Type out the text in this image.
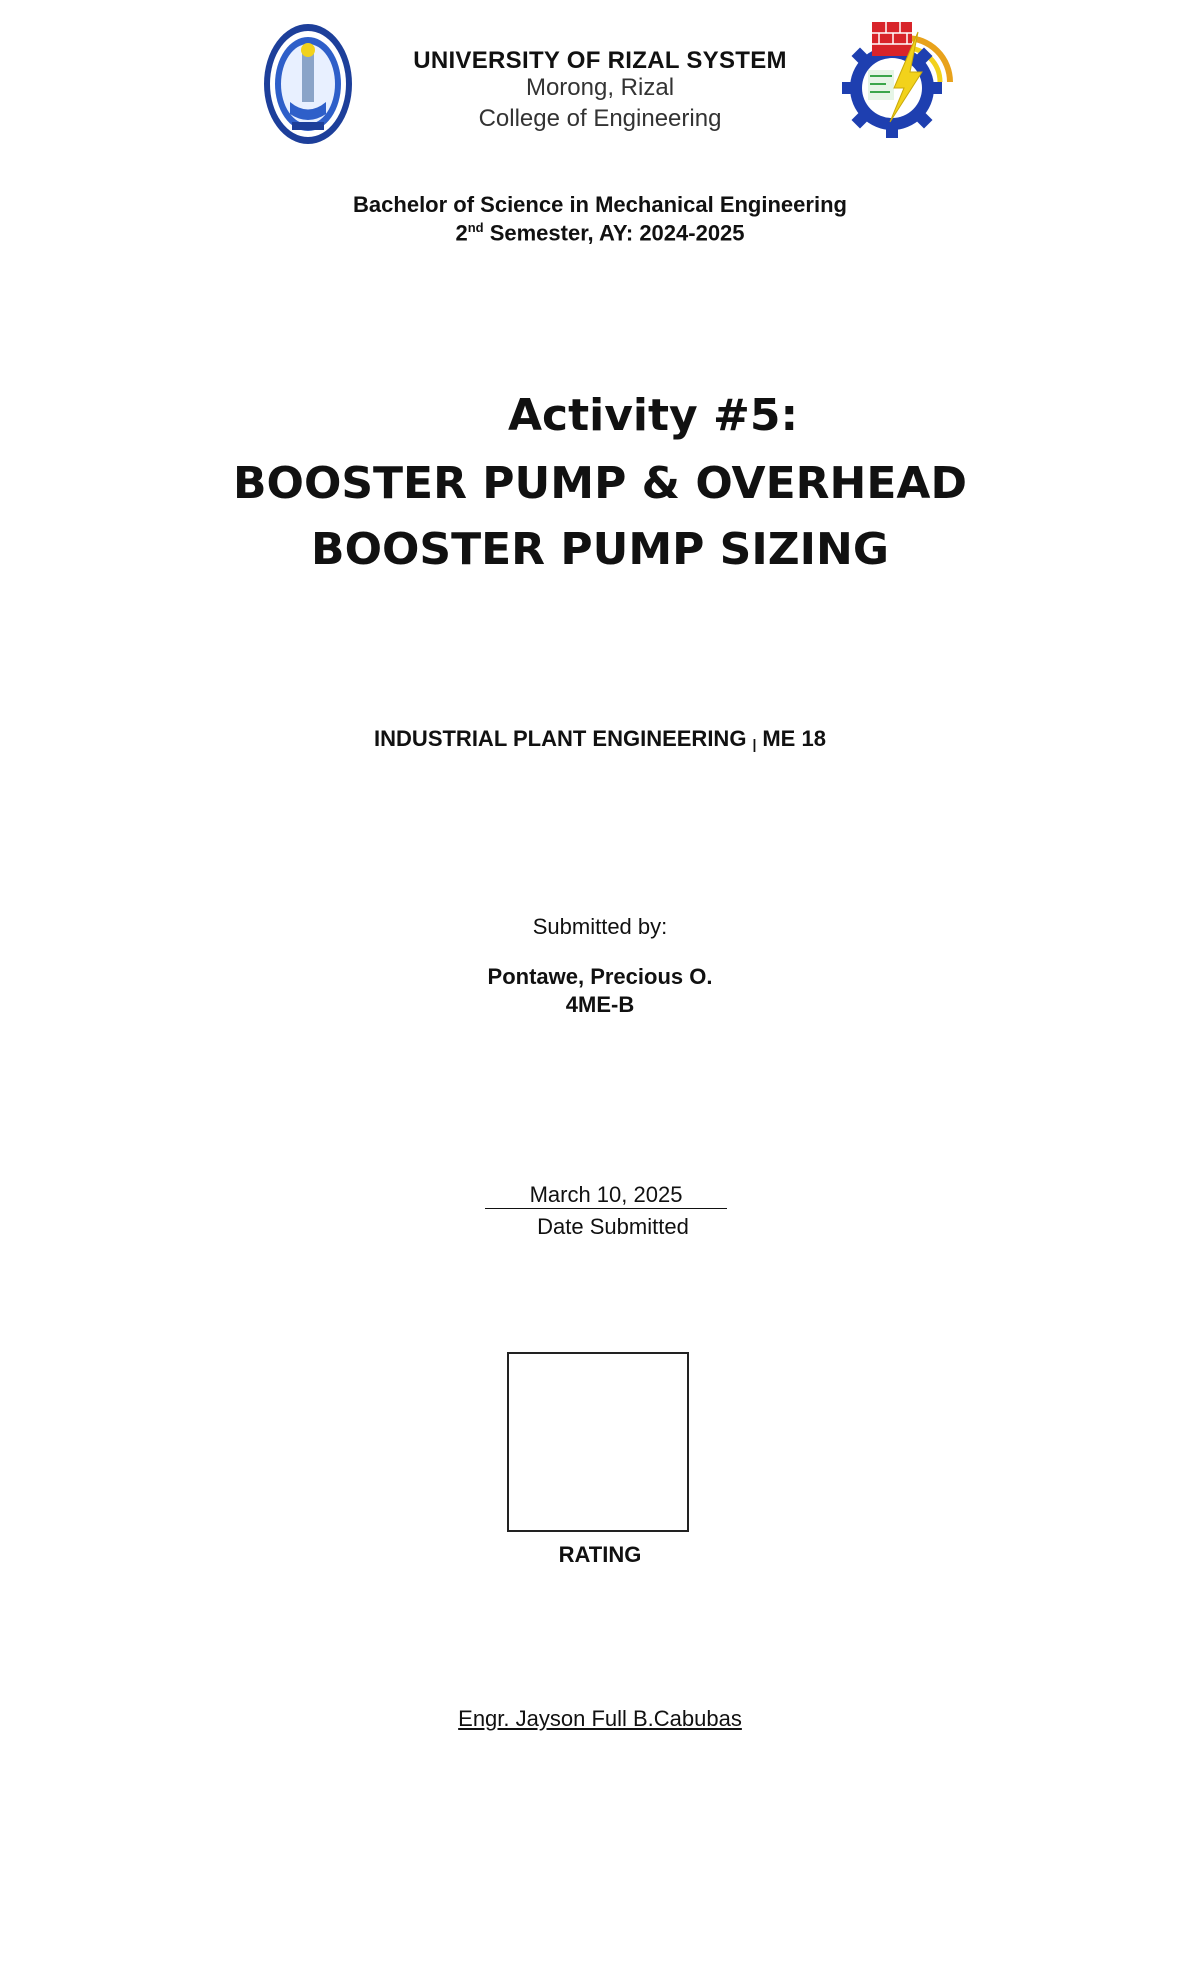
UNIVERSITY OF RIZAL SYSTEM
Morong, Rizal
College of Engineering
Bachelor of Science in Mechanical Engineering
2nd Semester, AY: 2024-2025
Activity #5:
BOOSTER PUMP & OVERHEAD
BOOSTER PUMP SIZING
INDUSTRIAL PLANT ENGINEERING | ME 18
Submitted by:
Pontawe, Precious O.
4ME-B
March 10, 2025
Date Submitted
RATING
Engr. Jayson Full B.Cabubas
